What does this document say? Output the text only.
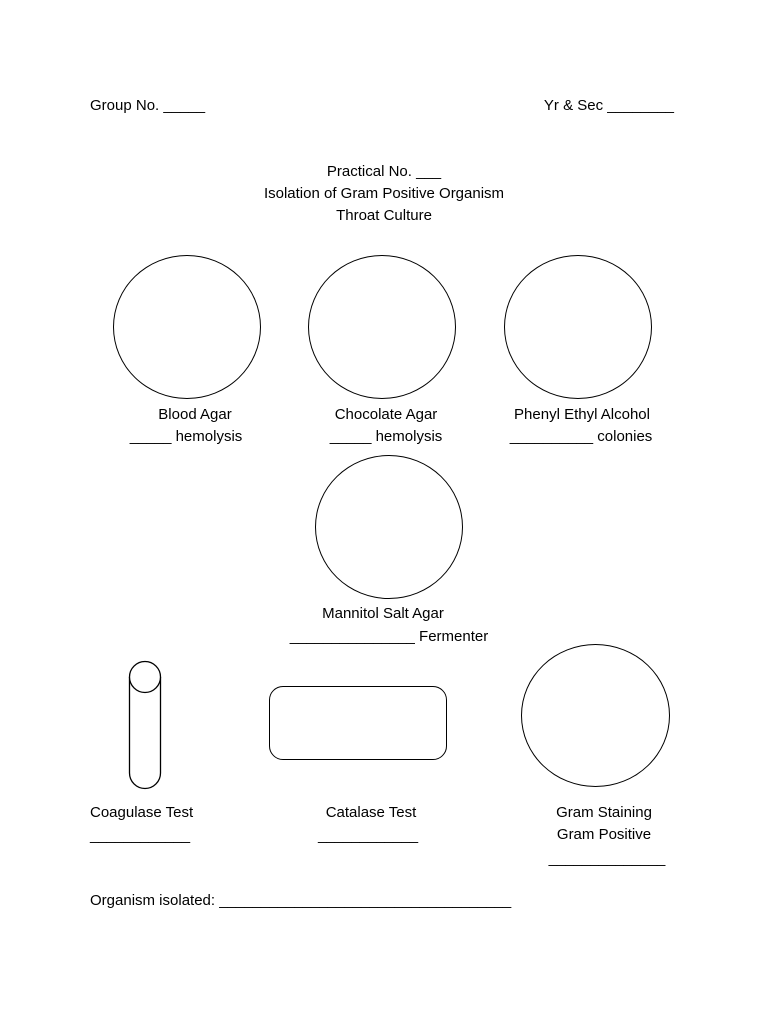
Group No. _____	Yr & Sec ________
Practical No. ___
Isolation of Gram Positive Organism
Throat Culture
Blood Agar
_____ hemolysis
Chocolate Agar
_____ hemolysis
Phenyl Ethyl Alcohol
__________ colonies
Mannitol Salt Agar
_______________ Fermenter
Coagulase Test
____________
Catalase Test
____________
Gram Staining
Gram Positive
______________
Organism isolated: ___________________________________
